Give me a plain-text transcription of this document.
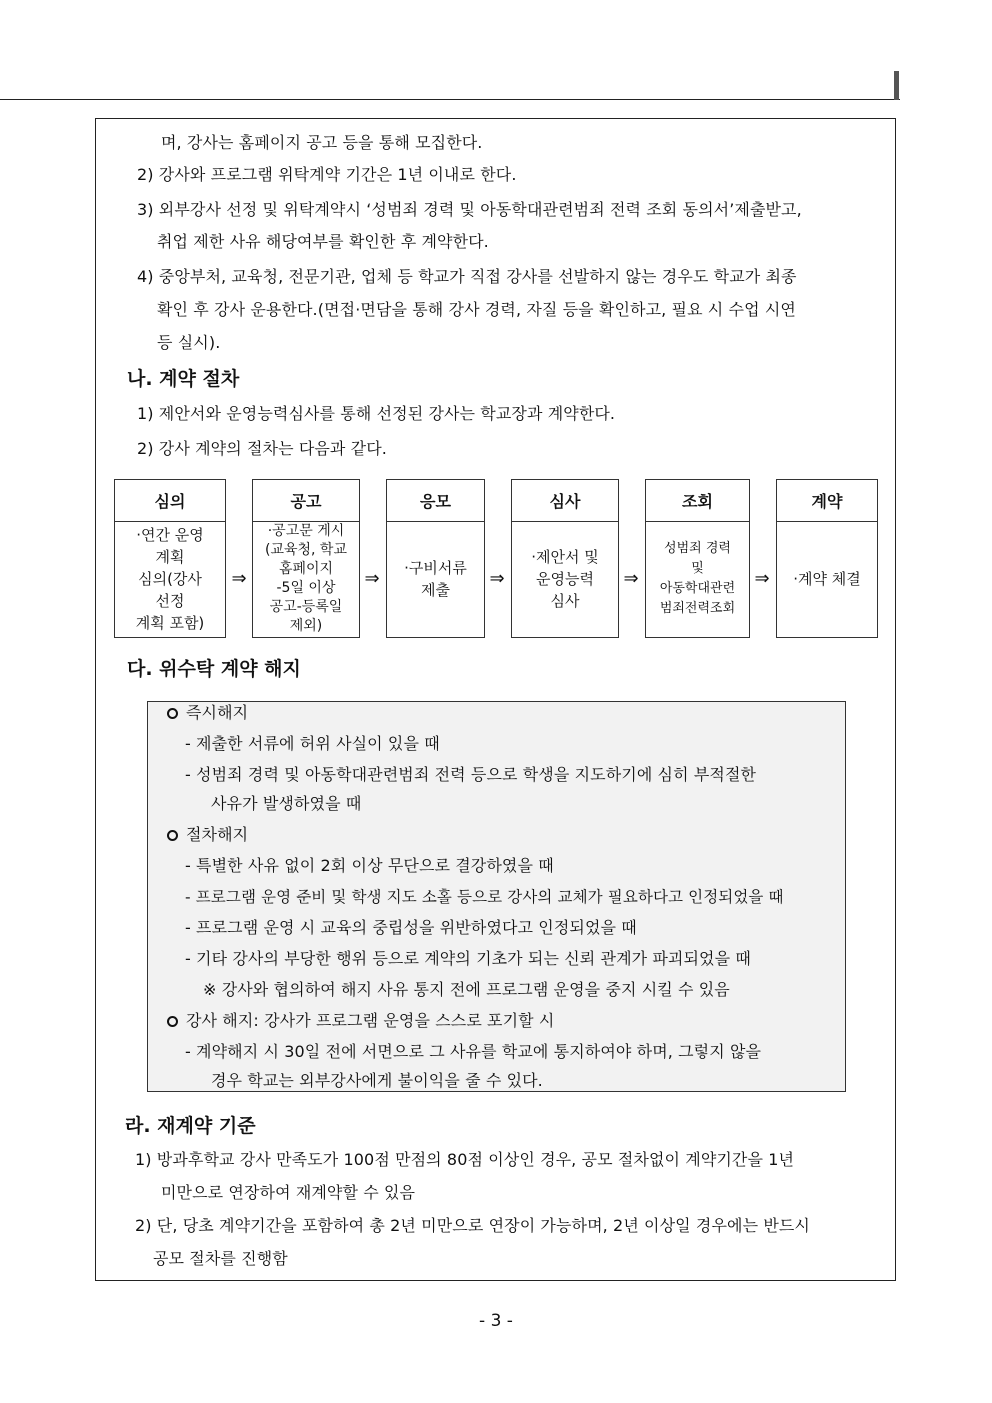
며, 강사는 홈페이지 공고 등을 통해 모집한다.
2) 강사와 프로그램 위탁계약 기간은 1년 이내로 한다.
3) 외부강사 선정 및 위탁계약시 ‘성범죄 경력 및 아동학대관련범죄 전력 조회 동의서’제출받고,
취업 제한 사유 해당여부를 확인한 후 계약한다.
4) 중앙부처, 교육청, 전문기관, 업체 등 학교가 직접 강사를 선발하지 않는 경우도 학교가 최종
확인 후 강사 운용한다.(면접·면담을 통해 강사 경력, 자질 등을 확인하고, 필요 시 수업 시연
등 실시).
나. 계약 절차
1) 제안서와 운영능력심사를 통해 선정된 강사는 학교장과 계약한다.
2) 강사 계약의 절차는 다음과 같다.
심의
·연간 운영
계획
심의(강사
선정
계획 포함)
⇒
공고
·공고문 게시
(교육청, 학교
홈페이지
-5일 이상
공고-등록일
제외)
⇒
응모
·구비서류
제출
⇒
심사
·제안서 및
운영능력
심사
⇒
조회
성범죄 경력
및
아동학대관련
범죄전력조회
⇒
계약
·계약 체결
다. 위수탁 계약 해지
즉시해지
- 제출한 서류에 허위 사실이 있을 때
- 성범죄 경력 및 아동학대관련범죄 전력 등으로 학생을 지도하기에 심히 부적절한
사유가 발생하였을 때
절차해지
- 특별한 사유 없이 2회 이상 무단으로 결강하였을 때
- 프로그램 운영 준비 및 학생 지도 소홀 등으로 강사의 교체가 필요하다고 인정되었을 때
- 프로그램 운영 시 교육의 중립성을 위반하였다고 인정되었을 때
- 기타 강사의 부당한 행위 등으로 계약의 기초가 되는 신뢰 관계가 파괴되었을 때
※ 강사와 협의하여 해지 사유 통지 전에 프로그램 운영을 중지 시킬 수 있음
강사 해지: 강사가 프로그램 운영을 스스로 포기할 시
- 계약해지 시 30일 전에 서면으로 그 사유를 학교에 통지하여야 하며, 그렇지 않을
경우 학교는 외부강사에게 불이익을 줄 수 있다.
라. 재계약 기준
1) 방과후학교 강사 만족도가 100점 만점의 80점 이상인 경우, 공모 절차없이 계약기간을 1년
미만으로 연장하여 재계약할 수 있음
2) 단, 당초 계약기간을 포함하여 총 2년 미만으로 연장이 가능하며, 2년 이상일 경우에는 반드시
공모 절차를 진행함
- 3 -
